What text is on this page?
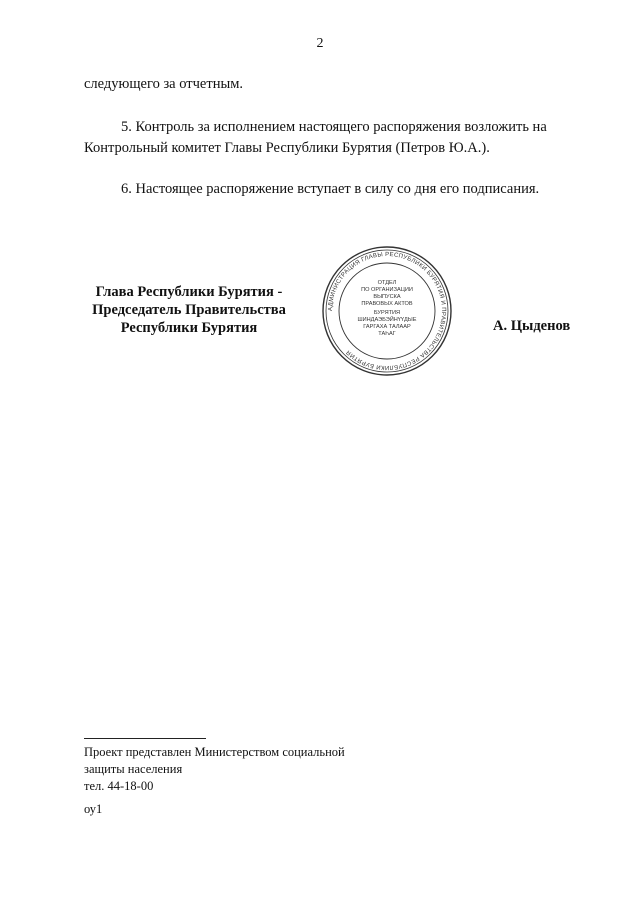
2
следующего за отчетным.
5. Контроль за исполнением настоящего распоряжения возложить на
Контрольный комитет Главы Республики Бурятия (Петров Ю.А.).
6. Настоящее распоряжение вступает в силу со дня его подписания.
Глава Республики Бурятия -
Председатель Правительства
Республики Бурятия
АДМИНИСТРАЦИЯ ГЛАВЫ РЕСПУБЛИКИ БУРЯТИЯ И ПРАВИТЕЛЬСТВА РЕСПУБЛИКИ БУРЯТИЯ
ОТДЕЛ
ПО ОРГАНИЗАЦИИ
ВЫПУСКА
ПРАВОВЫХ АКТОВ
БУРЯТИЯ
ШИНДАЭБЭЙНҮҮДЫЕ
ГАРГАХА ТАЛААР
ТАҺАГ	А. Цыденов
Проект представлен Министерством социальной
защиты населения
тел. 44-18-00
оу1
